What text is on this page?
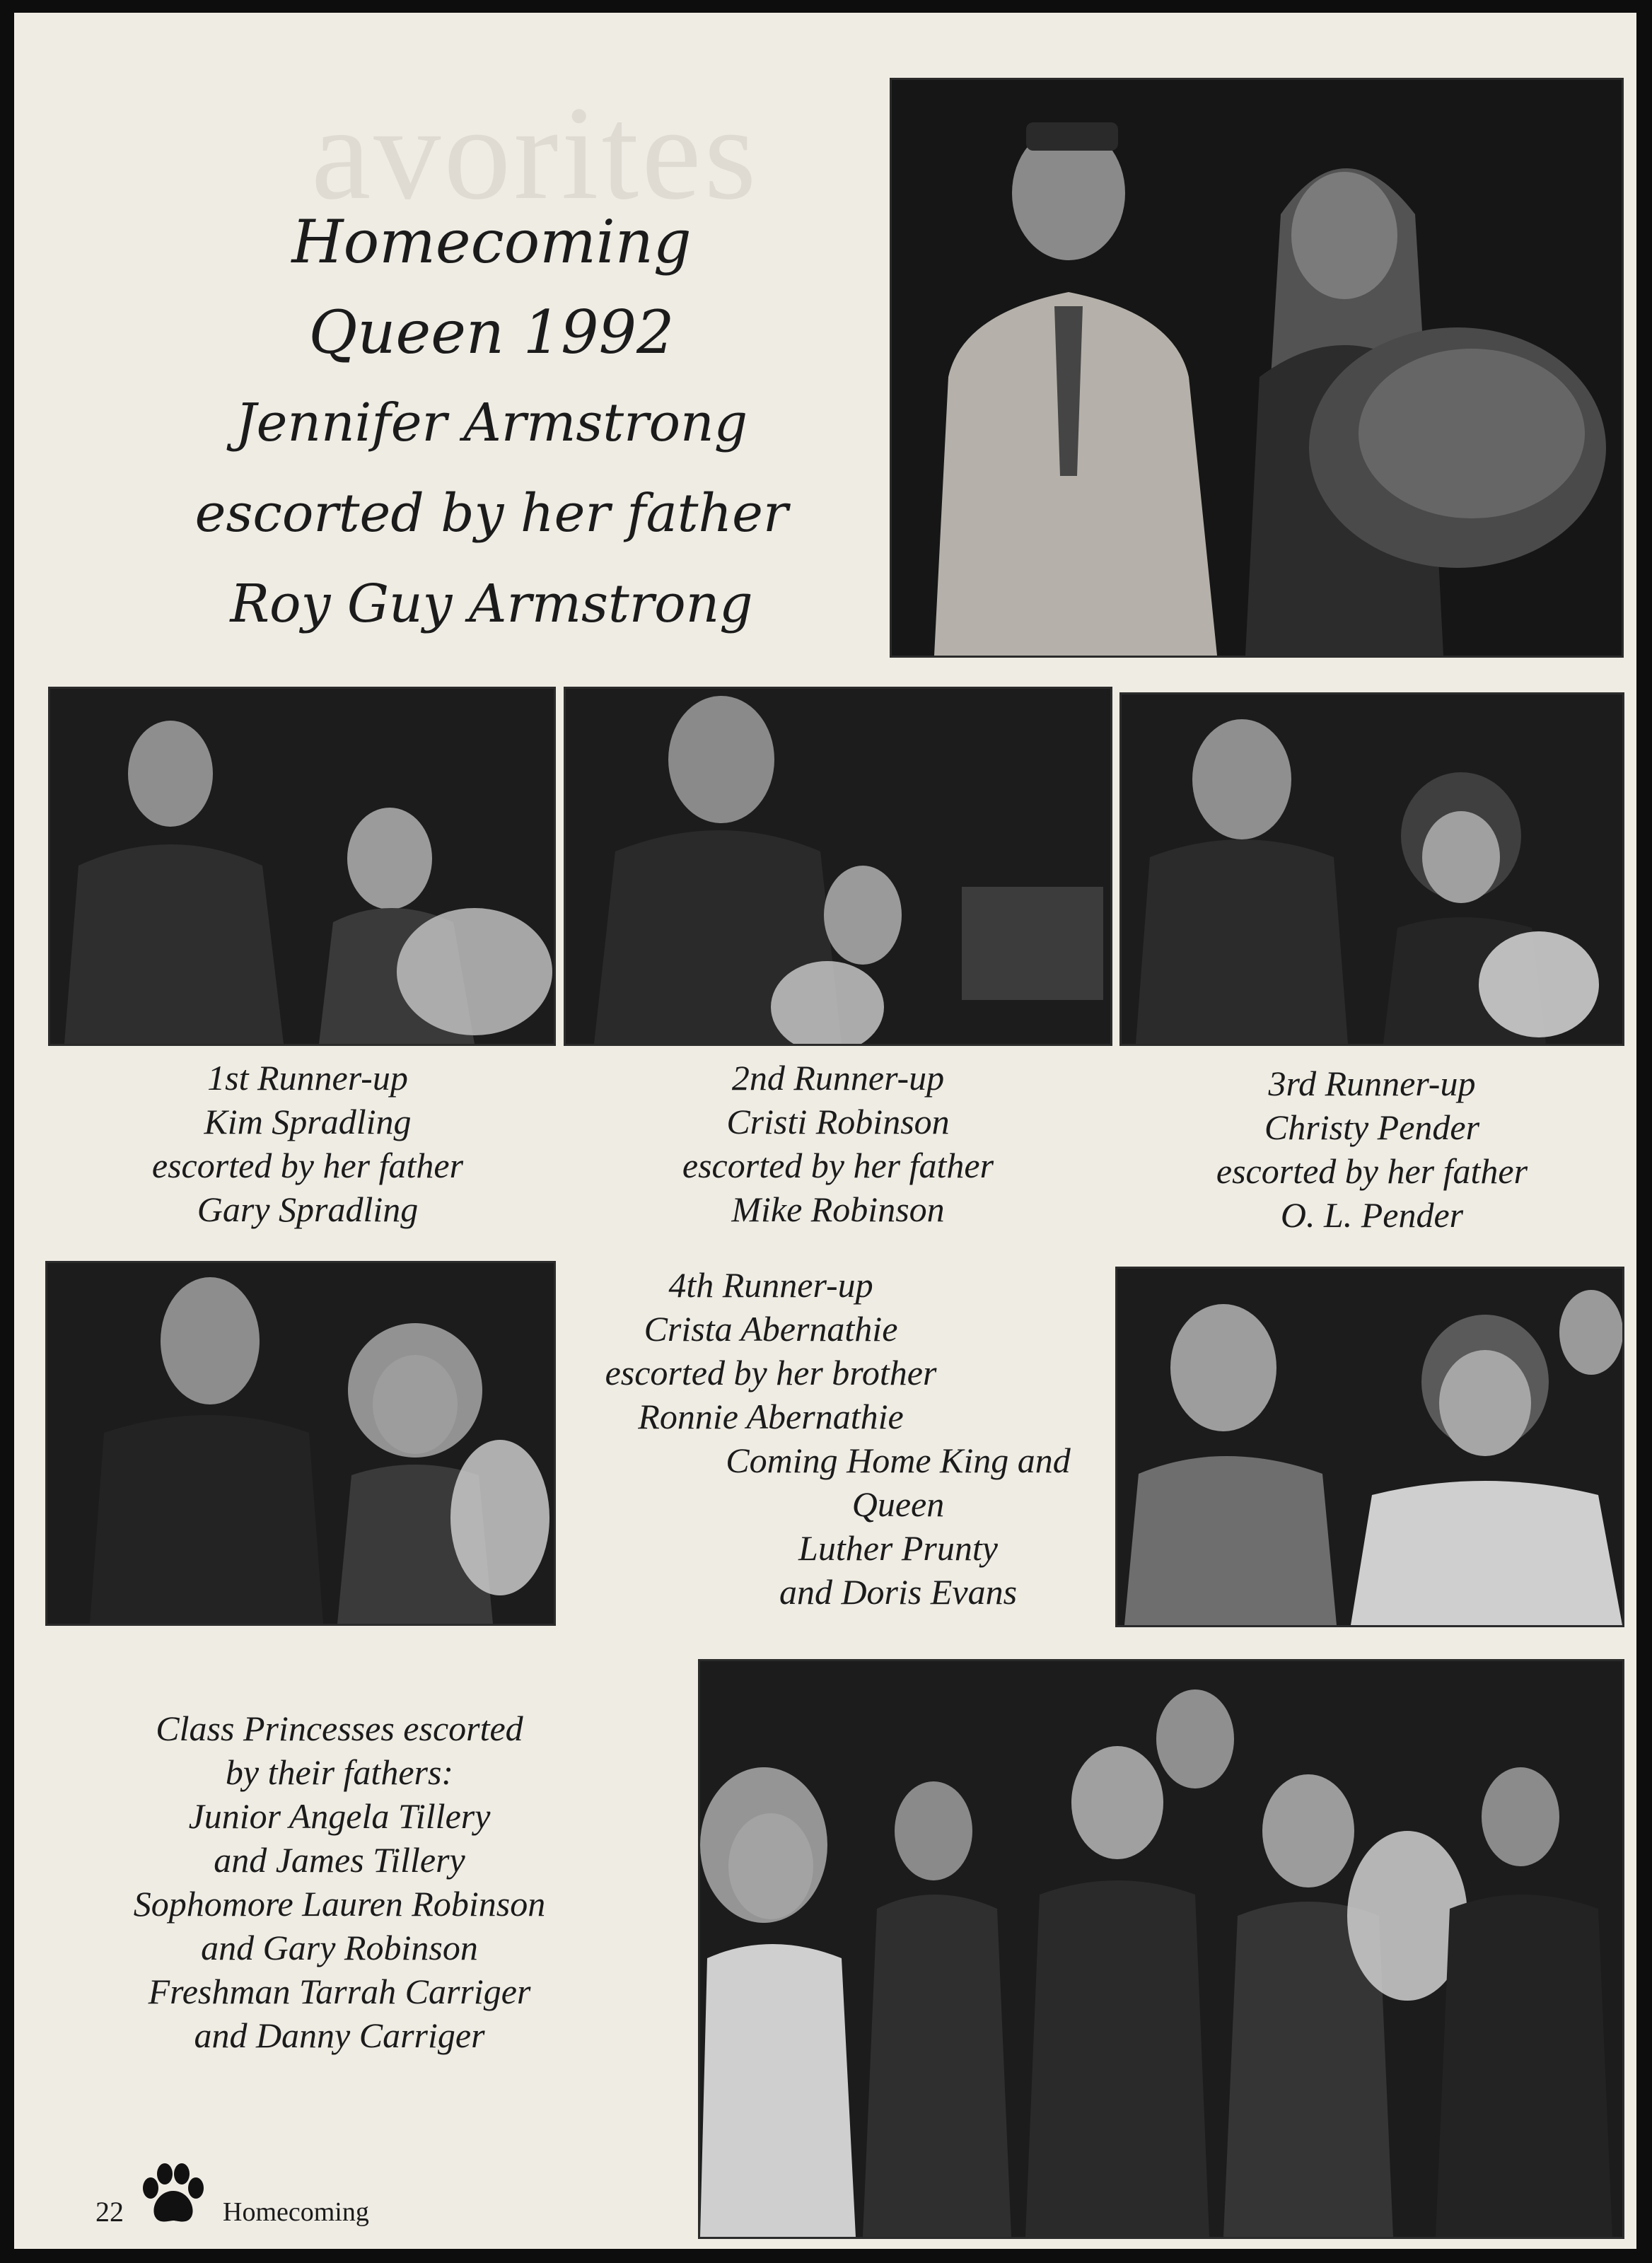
avorites
Homecoming
Queen 1992
Jennifer Armstrong
escorted by her father
Roy Guy Armstrong
1st Runner-up
Kim Spradling
escorted by her father
Gary Spradling
2nd Runner-up
Cristi Robinson
escorted by her father
Mike Robinson
3rd Runner-up
Christy Pender
escorted by her father
O. L. Pender
4th Runner-up
Crista Abernathie
escorted by her brother
Ronnie Abernathie
Coming Home King and
Queen
Luther Prunty
and Doris Evans
Class Princesses escorted
by their fathers:
Junior Angela Tillery
and James Tillery
Sophomore Lauren Robinson
and Gary Robinson
Freshman Tarrah Carriger
and Danny Carriger
22	Homecoming
